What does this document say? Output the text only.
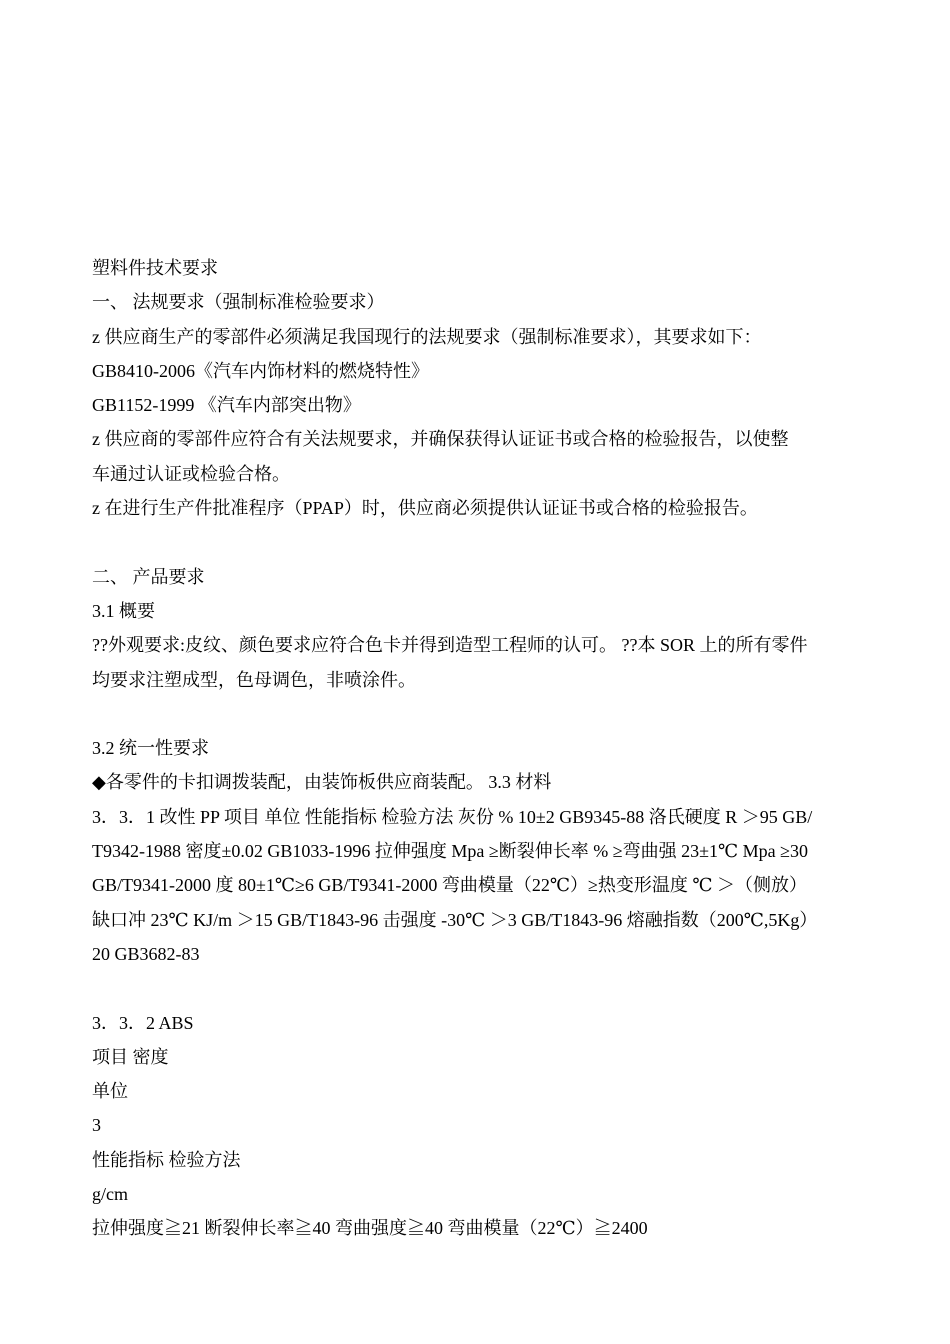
塑料件技术要求

一、 法规要求（强制标准检验要求）

z 供应商生产的零部件必须满足我国现行的法规要求（强制标准要求），其要求如下：

GB8410-2006《汽车内饰材料的燃烧特性》

GB1152-1999 《汽车内部突出物》

z 供应商的零部件应符合有关法规要求，并确保获得认证证书或合格的检验报告，以使整

车通过认证或检验合格。

z 在进行生产件批准程序（PPAP）时，供应商必须提供认证证书或合格的检验报告。

二、 产品要求

3.1 概要

??外观要求:皮纹、颜色要求应符合色卡并得到造型工程师的认可。 ??本 SOR 上的所有零件

均要求注塑成型，色母调色，非喷涂件。

3.2 统一性要求

◆各零件的卡扣调拨装配，由装饰板供应商装配。 3.3 材料

3．3．1 改性 PP 项目 单位 性能指标 检验方法 灰份 % 10±2 GB9345-88 洛氏硬度 R ＞95 GB/

T9342-1988 密度±0.02 GB1033-1996 拉伸强度 Mpa ≥断裂伸长率 % ≥弯曲强 23±1℃ Mpa ≥30

GB/T9341-2000 度 80±1℃≥6 GB/T9341-2000 弯曲模量（22℃）≥热变形温度 ℃ ＞（侧放）

缺口冲 23℃ KJ/m ＞15 GB/T1843-96 击强度 -30℃ ＞3 GB/T1843-96 熔融指数（200℃,5Kg）

20 GB3682-83

3．3．2 ABS

项目 密度

单位

3

性能指标 检验方法

g/cm

拉伸强度≧21 断裂伸长率≧40 弯曲强度≧40 弯曲模量（22℃）≧2400
